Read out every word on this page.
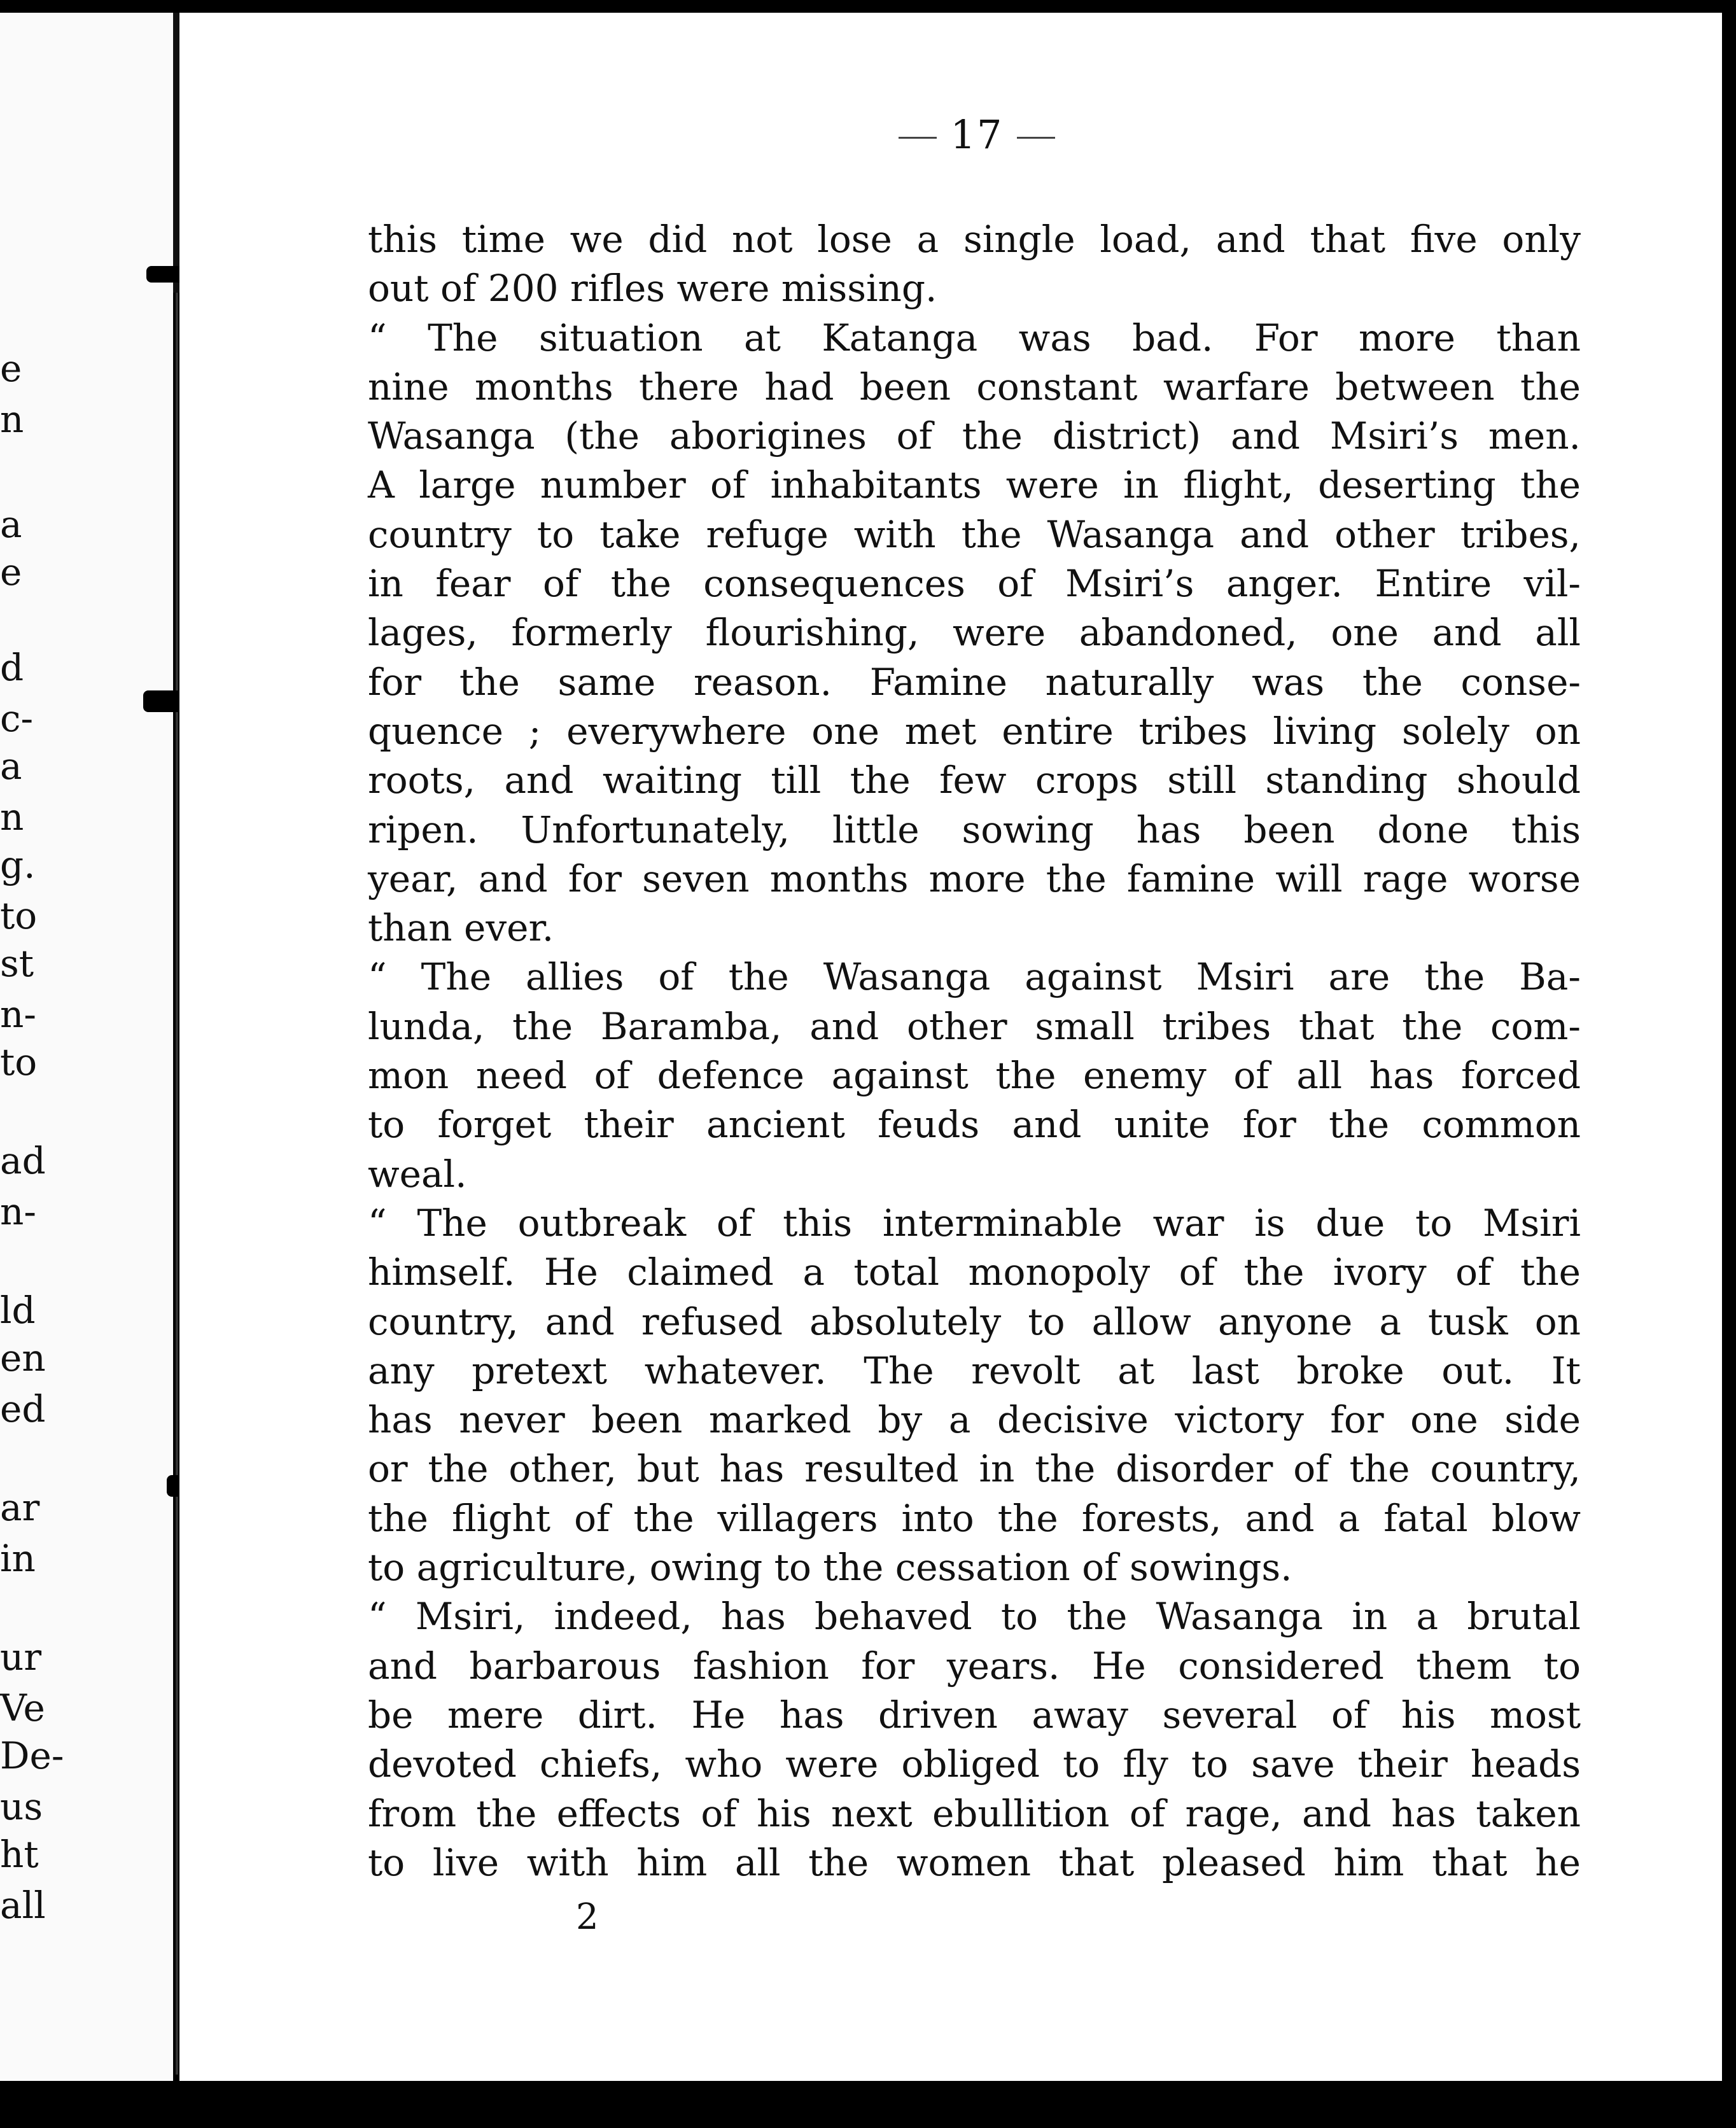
e
n
a
e
d
c-
a
n
g.
to
st
n-
to
ad
n-
ld
en
ed
ar
in
ur
Ve
De-
us
ht
all
17
this time we did not lose a single load, and that five only
out of 200 rifles were missing.
“ The situation at Katanga was bad. For more than
nine months there had been constant warfare between the
Wasanga (the aborigines of the district) and Msiri’s men.
A large number of inhabitants were in flight, deserting the
country to take refuge with the Wasanga and other tribes,
in fear of the consequences of Msiri’s anger. Entire vil-
lages, formerly flourishing, were abandoned, one and all
for the same reason. Famine naturally was the conse-
quence ; everywhere one met entire tribes living solely on
roots, and waiting till the few crops still standing should
ripen. Unfortunately, little sowing has been done this
year, and for seven months more the famine will rage worse
than ever.
“ The allies of the Wasanga against Msiri are the Ba-
lunda, the Baramba, and other small tribes that the com-
mon need of defence against the enemy of all has forced
to forget their ancient feuds and unite for the common
weal.
“ The outbreak of this interminable war is due to Msiri
himself. He claimed a total monopoly of the ivory of the
country, and refused absolutely to allow anyone a tusk on
any pretext whatever. The revolt at last broke out. It
has never been marked by a decisive victory for one side
or the other, but has resulted in the disorder of the country,
the flight of the villagers into the forests, and a fatal blow
to agriculture, owing to the cessation of sowings.
“ Msiri, indeed, has behaved to the Wasanga in a brutal
and barbarous fashion for years. He considered them to
be mere dirt. He has driven away several of his most
devoted chiefs, who were obliged to fly to save their heads
from the effects of his next ebullition of rage, and has taken
to live with him all the women that pleased him that he
2
